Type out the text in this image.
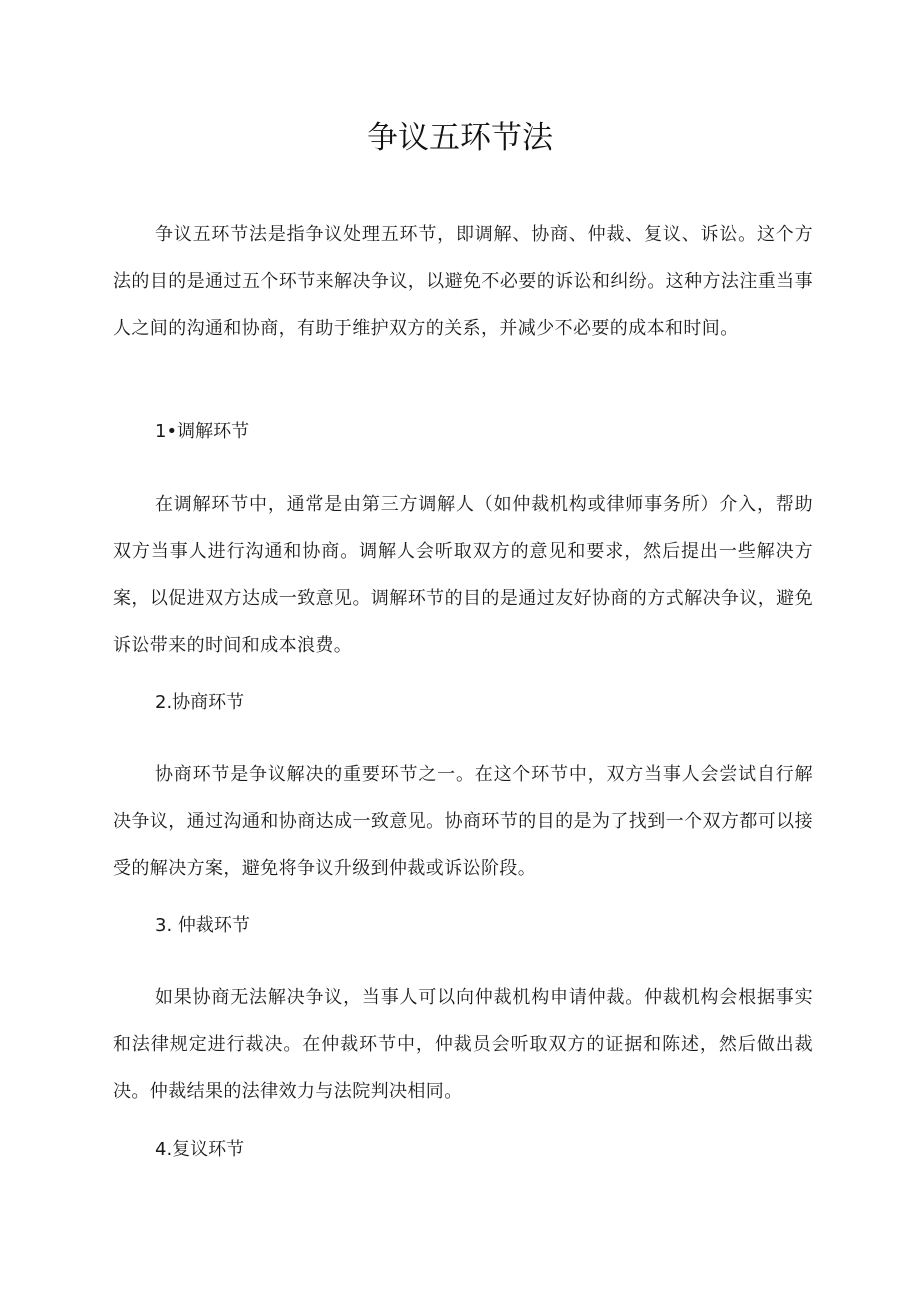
争议五环节法

争议五环节法是指争议处理五环节，即调解、协商、仲裁、复议、诉讼。这个方法的目的是通过五个环节来解决争议，以避免不必要的诉讼和纠纷。这种方法注重当事人之间的沟通和协商，有助于维护双方的关系，并减少不必要的成本和时间。

1•调解环节

在调解环节中，通常是由第三方调解人（如仲裁机构或律师事务所）介入，帮助双方当事人进行沟通和协商。调解人会听取双方的意见和要求，然后提出一些解决方案，以促进双方达成一致意见。调解环节的目的是通过友好协商的方式解决争议，避免诉讼带来的时间和成本浪费。

2.协商环节

协商环节是争议解决的重要环节之一。在这个环节中，双方当事人会尝试自行解决争议，通过沟通和协商达成一致意见。协商环节的目的是为了找到一个双方都可以接受的解决方案，避免将争议升级到仲裁或诉讼阶段。

3. 仲裁环节

如果协商无法解决争议，当事人可以向仲裁机构申请仲裁。仲裁机构会根据事实和法律规定进行裁决。在仲裁环节中，仲裁员会听取双方的证据和陈述，然后做出裁决。仲裁结果的法律效力与法院判决相同。

4.复议环节
